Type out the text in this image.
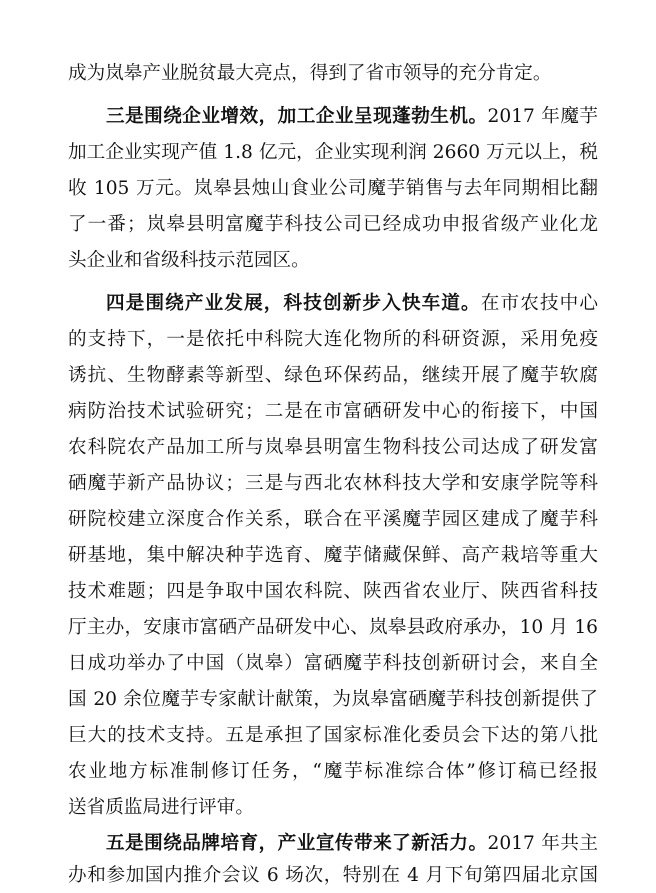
成为岚皋产业脱贫最大亮点，得到了省市领导的充分肯定。
三是围绕企业增效，加工企业呈现蓬勃生机。2017 年魔芋
加工企业实现产值 1.8 亿元，企业实现利润 2660 万元以上，税
收 105 万元。岚皋县烛山食业公司魔芋销售与去年同期相比翻
了一番；岚皋县明富魔芋科技公司已经成功申报省级产业化龙
头企业和省级科技示范园区。
四是围绕产业发展，科技创新步入快车道。在市农技中心
的支持下，一是依托中科院大连化物所的科研资源，采用免疫
诱抗、生物酵素等新型、绿色环保药品，继续开展了魔芋软腐
病防治技术试验研究；二是在市富硒研发中心的衔接下，中国
农科院农产品加工所与岚皋县明富生物科技公司达成了研发富
硒魔芋新产品协议；三是与西北农林科技大学和安康学院等科
研院校建立深度合作关系，联合在平溪魔芋园区建成了魔芋科
研基地，集中解决种芋选育、魔芋储藏保鲜、高产栽培等重大
技术难题；四是争取中国农科院、陕西省农业厅、陕西省科技
厅主办，安康市富硒产品研发中心、岚皋县政府承办，10 月 16
日成功举办了中国（岚皋）富硒魔芋科技创新研讨会，来自全
国 20 余位魔芋专家献计献策，为岚皋富硒魔芋科技创新提供了
巨大的技术支持。五是承担了国家标准化委员会下达的第八批
农业地方标准制修订任务，“魔芋标准综合体”修订稿已经报
送省质监局进行评审。
五是围绕品牌培育，产业宣传带来了新活力。2017 年共主
办和参加国内推介会议 6 场次，特别在 4 月下旬第四届北京国
